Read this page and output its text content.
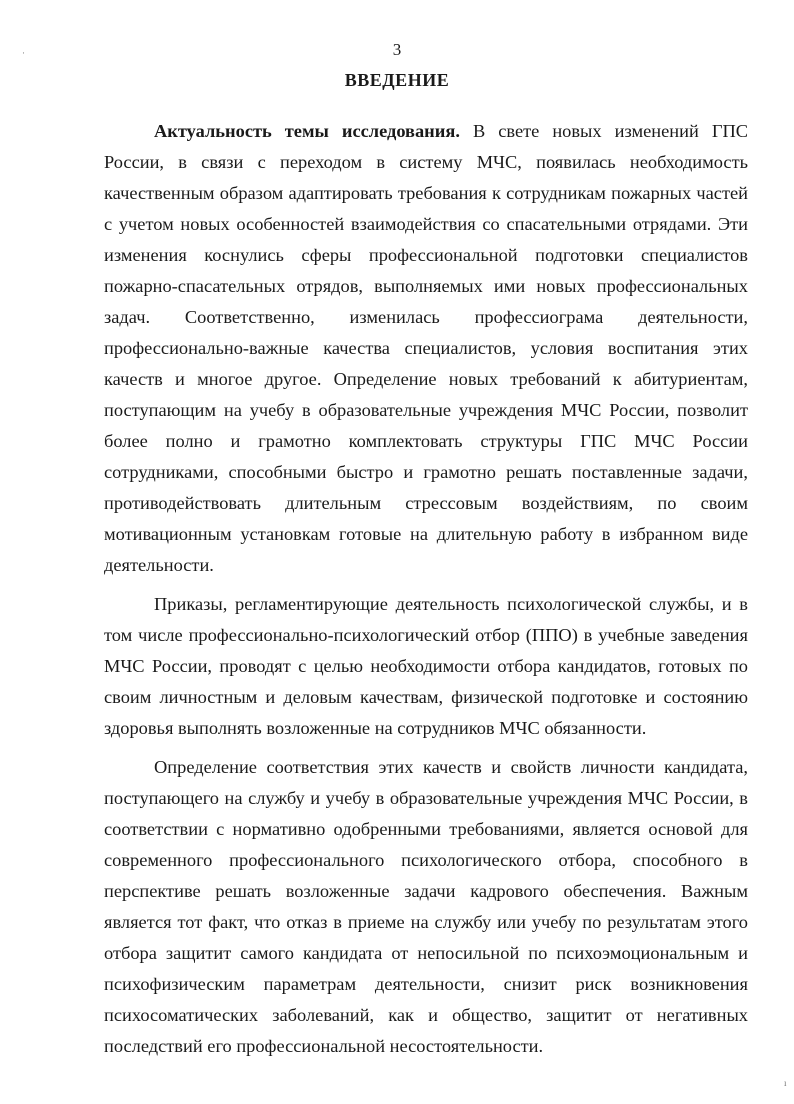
3
ВВЕДЕНИЕ

Актуальность темы исследования. В свете новых изменений ГПС России, в связи с переходом в систему МЧС, появилась необходимость качественным образом адаптировать требования к сотрудникам пожарных частей с учетом новых особенностей взаимодействия со спасательными отрядами. Эти изменения коснулись сферы профессиональной подготовки специалистов пожарно-спасательных отрядов, выполняемых ими новых профессиональных задач. Соответственно, изменилась профессиограма деятельности, профессионально-важные качества специалистов, условия воспитания этих качеств и многое другое. Определение новых требований к абитуриентам, поступающим на учебу в образовательные учреждения МЧС России, позволит более полно и грамотно комплектовать структуры ГПС МЧС России сотрудниками, способными быстро и грамотно решать поставленные задачи, противодействовать длительным стрессовым воздействиям, по своим мотивационным установкам готовые на длительную работу в избранном виде деятельности.

Приказы, регламентирующие деятельность психологической службы, и в том числе профессионально-психологический отбор (ППО) в учебные заведения МЧС России, проводят с целью необходимости отбора кандидатов, готовых по своим личностным и деловым качествам, физической подготовке и состоянию здоровья выполнять возложенные на сотрудников МЧС обязанности.

Определение соответствия этих качеств и свойств личности кандидата, поступающего на службу и учебу в образовательные учреждения МЧС России, в соответствии с нормативно одобренными требованиями, является основой для современного профессионального психологического отбора, способного в перспективе решать возложенные задачи кадрового обеспечения. Важным является тот факт, что отказ в приеме на службу или учебу по результатам этого отбора защитит самого кандидата от непосильной по психоэмоциональным и психофизическим параметрам деятельности, снизит риск возникновения психосоматических заболеваний, как и общество, защитит от негативных последствий его профессиональной несостоятельности.

·
ı
